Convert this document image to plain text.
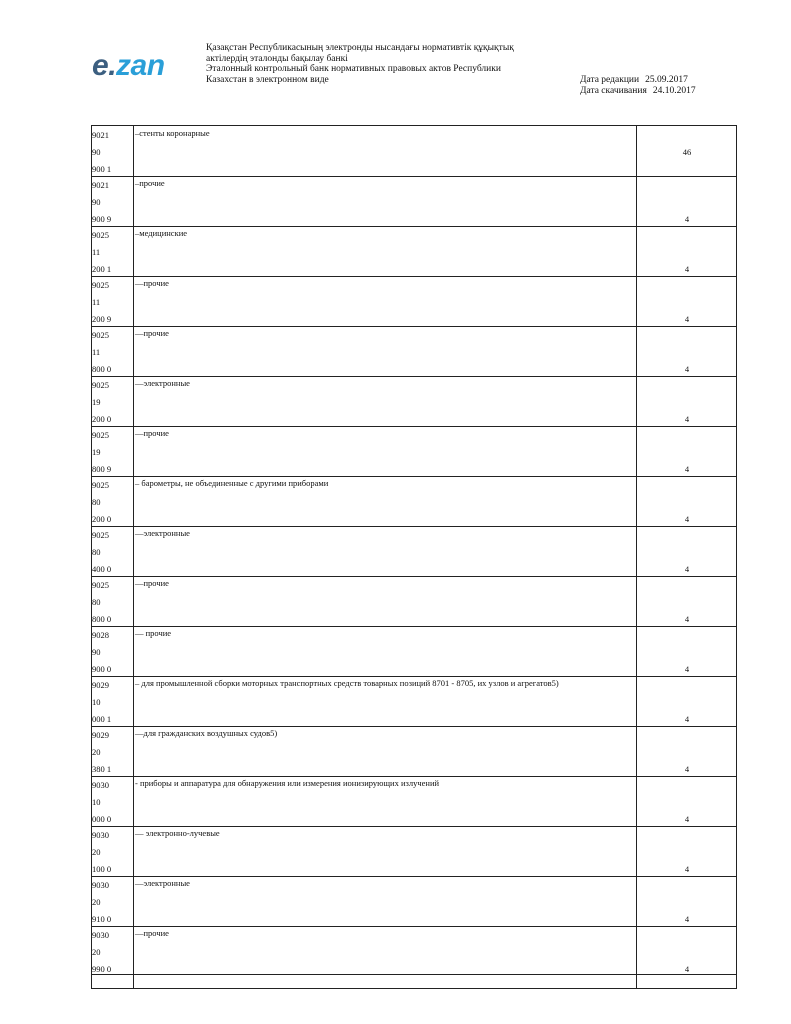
e.zan
Қазақстан Республикасының электронды нысандағы нормативтік құқықтық
актілердің эталонды бақылау банкі
Эталонный контрольный банк нормативных правовых актов Республики
Казахстан в электронном виде	Дата редакции 25.09.2017
Дата скачивания 24.10.2017
9021
90
900 1
‒стенты коронарные
46
9021
90
900 9
‒прочие
4
9025
11
200 1
‒медицинские
4
9025
11
200 9
‒‒прочие
4
9025
11
800 0
‒‒прочие
4
9025
19
200 0
‒‒электронные
4
9025
19
800 9
‒‒прочие
4
9025
80
200 0
‒ барометры, не объединенные с другими приборами
4
9025
80
400 0
‒‒электронные
4
9025
80
800 0
‒‒прочие
4
9028
90
900 0
‒‒ прочие
4
9029
10
000 1
‒ для промышленной сборки моторных транспортных средств товарных позиций 8701 - 8705, их узлов и агрегатов5)
4
9029
20
380 1
‒‒для гражданских воздушных судов5)
4
9030
10
000 0
- приборы и аппаратура для обнаружения или измерения ионизирующих излучений
4
9030
20
100 0
‒‒ электронно-лучевые
4
9030
20
910 0
‒‒электронные
4
9030
20
990 0
‒‒прочие
4
